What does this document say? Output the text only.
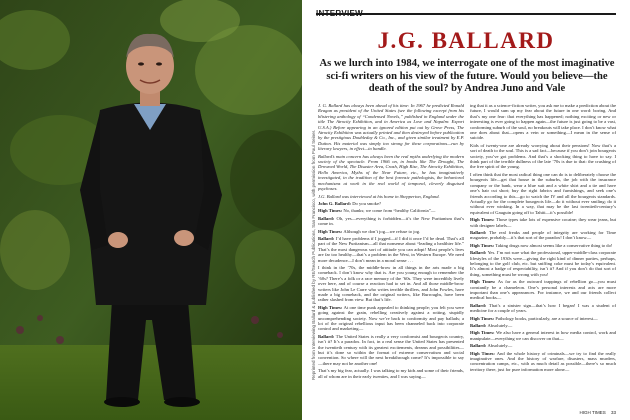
Reprinted from Interviewing Ballard & published by RE/Search Publications, San Francisco, with permission from Paul Seiner.
INTERVIEW
J.G. BALLARD
As we lurch into 1984, we interrogate one of the most imaginative sci-fi writers on his view of the future. Would you believe—the death of the soul? by Andrea Juno and Vale

J. G. Ballard has always been ahead of his time: In 1967 he predicted Ronald Reagan as president of the United States (see the following excerpt from his blistering anthology of “Condensed Novels,” published in England under the title The Atrocity Exhibition, and in America as Love and Napalm: Export U.S.A.) Before appearing in an ignored edition put out by Grove Press, The Atrocity Exhibition was actually printed and then destroyed before publication by the prestigious Doubleday & Co., Inc., and given similar treatment by E.P. Dutton. His material was simply too strong for these corporations—run by literary lawyers, in effect—to handle.

Ballard’s main concern has always been the real myths underlying the modern society of the spectacle. From 1966 on, in books like The Drought, The Drowned World, The Disaster Area, Crash, High Rise, The Atrocity Exhibition, Hello America, Myths of the Near Future, etc., he has imaginatively investigated, in the tradition of the best forensic pathologists, the behavioral mechanisms at work in the real world of temporal, cleverly disguised psychoses.

J.G. Ballard was interviewed at his home in Shepperton, England.

John G. Ballard: Do you smoke?

High Times: No, thanks; we come from “healthy California”—

Ballard: Oh, yes—everything is forbidden—it’s the New Puritanism that’s come in.

High Times: Although we don’t jog—we refuse to jog.

Ballard: I’d have problems if I jogged—if I did it once I’d be dead. That’s all part of the New Puritanism—all that nonsense about “leading a healthier life.” That’s the most dangerous sort of attitude you can adopt! Most people’s lives are far too healthy—that’s a problem in the West, in Western Europe. We need more decadence—I don’t mean in a moral sense . . .

I think in the ’70s, the middle-brow in all things in the arts made a big comeback. I don’t know why that is. Are you young enough to remember the ’60s? There’s a folk or a race memory of the ’60s. They were incredibly lively over here, and of course a reaction had to set in. And all those middle-brow writers like John Le Carre who writes terrible thrillers, and John Fowles, have made a big comeback, and the original writers, like Burroughs, have been rather slashed from view. But that’s life.

High Times: At one time punk appealed to thinking people; you felt you were going against the grain, rebelling creatively against a rotting, stupidly uncomprehending society. Now we’re back to conformity and pay ballads; a lot of the original rebellious input has been channeled back into corporate control and marketing—

Ballard: The United States is really a very conformist and bourgeois country, isn’t it? It’s a paradox. In fact, in a real sense the United States has presented the twentieth century with its greatest excitements, dreams and possibilities—but it’s done so within the format of extreme conservatism and social convention. So where will the next breakthrough come? It’s impossible to say—there may not be another one!

That’s my big fear, actually. I was talking to my kids and some of their friends, all of whom are in their early twenties, and I was saying—

ing that it as a science-fiction writer, you ask me to make a prediction about the future, I would sum up my fear about the future in one word: boring. And that’s my one fear: that everything has happened; nothing exciting or new or interesting is ever going to happen again—the future is just going to be a vast, conforming suburb of the soul, no breakouts will take place. I don’t know what one does about that—opens a vein or something—I mean in the sense of suicide.

Kids of twenty-one are already worrying about their pensions! Now that’s a sort of death to the soul. This is a sad fact—because if you don’t join bourgeois society, you’ve got problems. And that’s a shocking thing to have to say. I think part of the terrible dullness of the late ’70s is due to that: the crushing of the free spirit of the young.

I often think that the most radical thing one can do is to deliberately choose the bourgeois life—get that house in the suburbs, the job with the insurance company or the bank, wear a blue suit and a white shirt and a tie and have one’s hair cut short; buy the right fabrics and furnishings, and seek one’s friends according to this—go to watch the IV and all the bourgeois standards. Actually go for the complete bourgeois life—do it without ever smiling; do it without ever winking. In a way, that may be the last twentieth-century’s equivalent of Gauguin going off to Tahiti—it’s possible!

High Times: Those types take lots of expensive cocaine; they wear jeans, but with designer labels—

Ballard: The real freaks and people of integrity are working for Time magazine, probably—it’s that sort of the paradox! I don’t know—

High Times: Taking drugs now almost seems like a conservative thing to do!

Ballard: Yes. I’m not sure what the professional, upper-middle-class corporate lifestyles of the 1930s were—giving the right kind of dinner parties, perhaps, belonging to the golf club, etc. but sniffing coke must be today’s equivalent. It’s almost a badge of respectability, isn’t it? And if you don’t do that sort of thing, something must be wrong with you!

High Times: As far as the outward trappings of rebellion go—you must constantly be a chameleon. One’s personal interests and acts are more important than one’s appearances. For instance, we and our friends collect medical books—

Ballard: That’s a sinister sign—that’s how I began! I was a student of medicine for a couple of years.

High Times: Pathology books, particularly, are a source of interest—

Ballard: Absolutely—

High Times: We also have a general interest in how media control, work and manipulate—everything we can discover on that—

Ballard: Absolutely—

High Times: And the whole history of criminals—we try to find the really imaginative ones. And the history of warfare, disasters, mass murders, concentration camps, etc., with as much detail as possible—there’s so much territory there, just for pure information more alone—

HIGH TIMES 33
